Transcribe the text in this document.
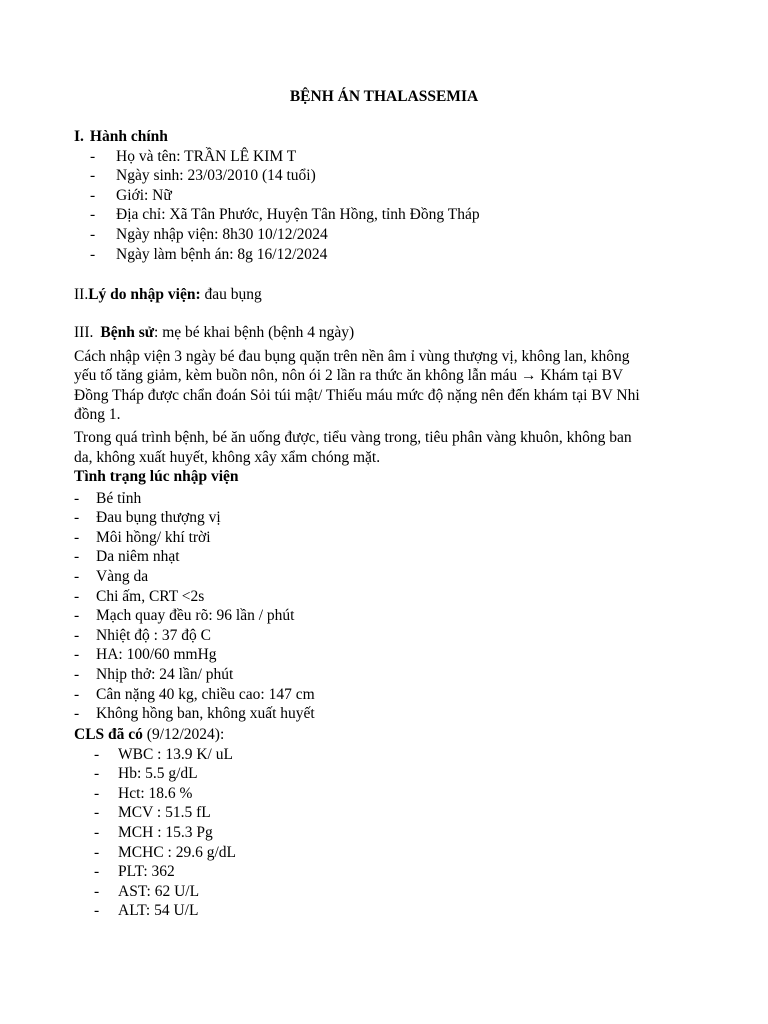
BỆNH ÁN THALASSEMIA
I. Hành chính
- Họ và tên: TRẦN LÊ KIM T
- Ngày sinh: 23/03/2010 (14 tuổi)
- Giới: Nữ
- Địa chỉ: Xã Tân Phước, Huyện Tân Hồng, tỉnh Đồng Tháp
- Ngày nhập viện: 8h30 10/12/2024
- Ngày làm bệnh án: 8g 16/12/2024
II.Lý do nhập viện: đau bụng
III. Bệnh sử: mẹ bé khai bệnh (bệnh 4 ngày)
Cách nhập viện 3 ngày bé đau bụng quặn trên nền âm ỉ vùng thượng vị, không lan, không
yếu tố tăng giảm, kèm buồn nôn, nôn ói 2 lần ra thức ăn không lẫn máu → Khám tại BV
Đồng Tháp được chẩn đoán Sỏi túi mật/ Thiếu máu mức độ nặng nên đến khám tại BV Nhi
đồng 1.
Trong quá trình bệnh, bé ăn uống được, tiểu vàng trong, tiêu phân vàng khuôn, không ban
da, không xuất huyết, không xây xẩm chóng mặt.
Tình trạng lúc nhập viện
- Bé tỉnh
- Đau bụng thượng vị
- Môi hồng/ khí trời
- Da niêm nhạt
- Vàng da
- Chi ấm, CRT <2s
- Mạch quay đều rõ: 96 lần / phút
- Nhiệt độ : 37 độ C
- HA: 100/60 mmHg
- Nhịp thở: 24 lần/ phút
- Cân nặng 40 kg, chiều cao: 147 cm
- Không hồng ban, không xuất huyết
CLS đã có (9/12/2024):
- WBC : 13.9 K/ uL
- Hb: 5.5 g/dL
- Hct: 18.6 %
- MCV : 51.5 fL
- MCH : 15.3 Pg
- MCHC : 29.6 g/dL
- PLT: 362
- AST: 62 U/L
- ALT: 54 U/L
